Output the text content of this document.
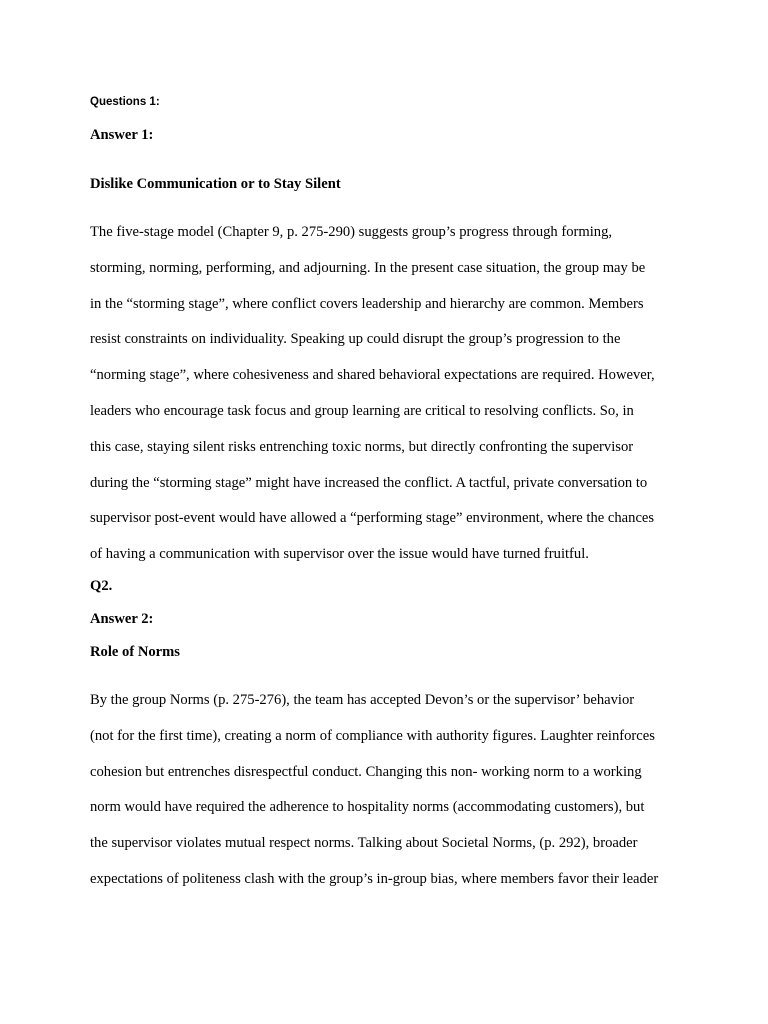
Questions 1:

Answer 1:

Dislike Communication or to Stay Silent

The five-stage model (Chapter 9, p. 275-290) suggests group’s progress through forming,
storming, norming, performing, and adjourning. In the present case situation, the group may be
in the “storming stage”, where conflict covers leadership and hierarchy are common. Members
resist constraints on individuality. Speaking up could disrupt the group’s progression to the
“norming stage”, where cohesiveness and shared behavioral expectations are required. However,
leaders who encourage task focus and group learning are critical to resolving conflicts. So, in
this case, staying silent risks entrenching toxic norms, but directly confronting the supervisor
during the “storming stage” might have increased the conflict. A tactful, private conversation to
supervisor post-event would have allowed a “performing stage” environment, where the chances
of having a communication with supervisor over the issue would have turned fruitful.

Q2.

Answer 2:

Role of Norms

By the group Norms (p. 275-276), the team has accepted Devon’s or the supervisor’ behavior
(not for the first time), creating a norm of compliance with authority figures. Laughter reinforces
cohesion but entrenches disrespectful conduct. Changing this non- working norm to a working
norm would have required the adherence to hospitality norms (accommodating customers), but
the supervisor violates mutual respect norms. Talking about Societal Norms, (p. 292), broader
expectations of politeness clash with the group’s in-group bias, where members favor their leader
